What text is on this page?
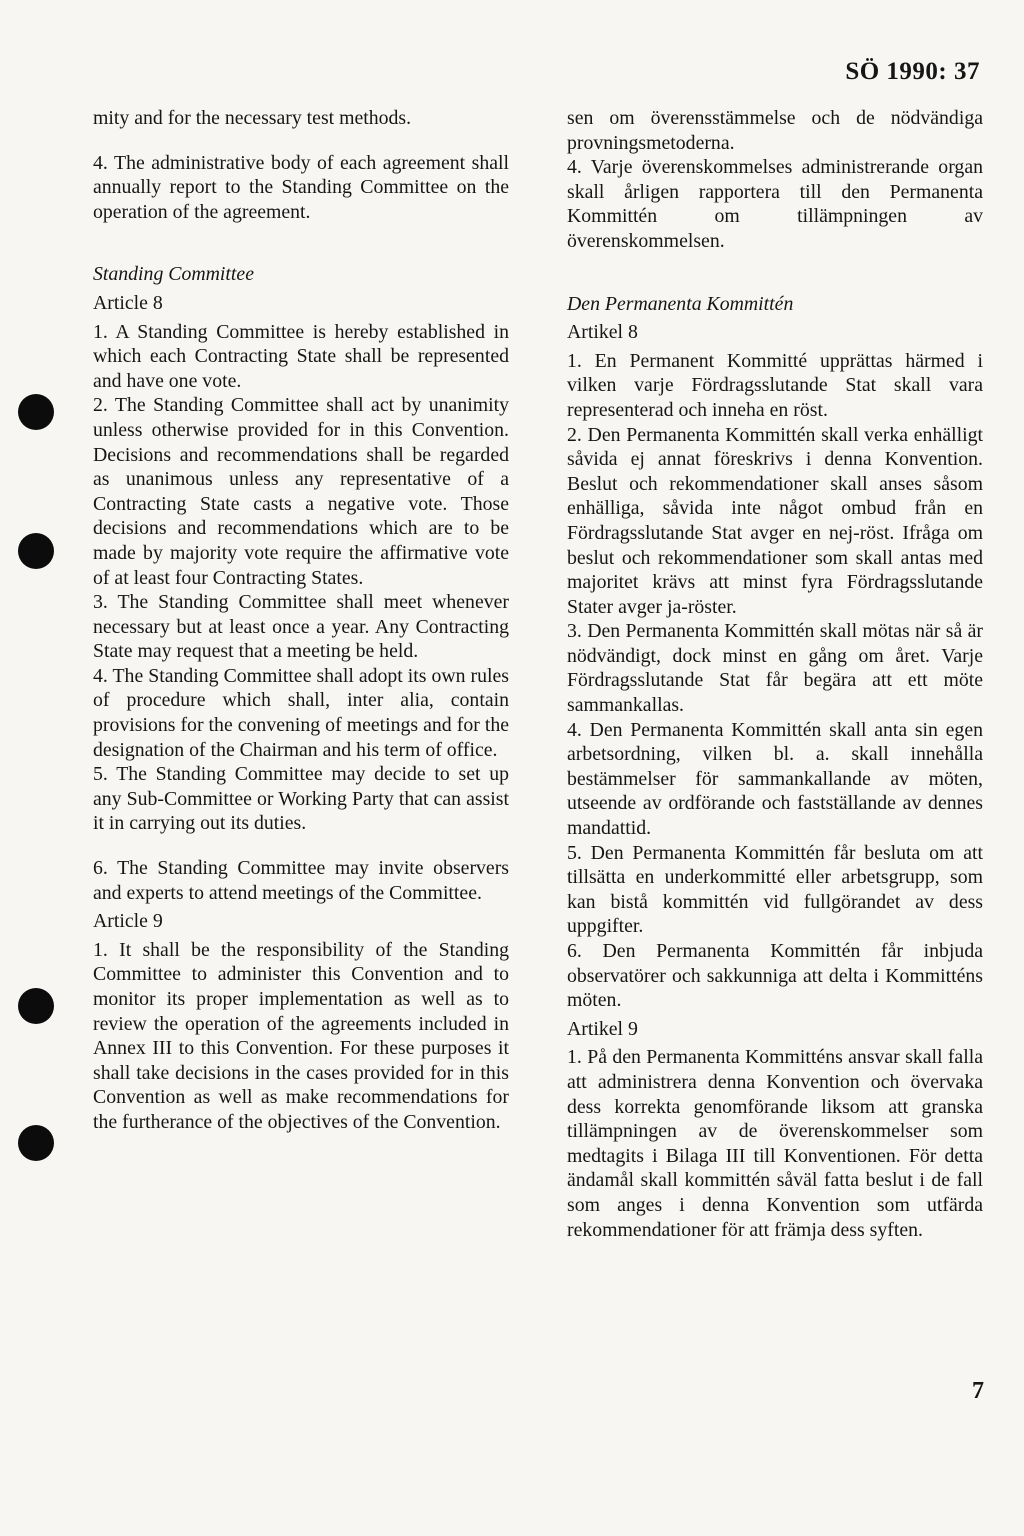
SÖ 1990: 37

mity and for the necessary test methods.

4. The administrative body of each agreement shall annually report to the Standing Committee on the operation of the agreement.

Standing Committee

Article 8

1. A Standing Committee is hereby established in which each Contracting State shall be represented and have one vote.

2. The Standing Committee shall act by unanimity unless otherwise provided for in this Convention. Decisions and recommendations shall be regarded as unanimous unless any representative of a Contracting State casts a negative vote. Those decisions and recommendations which are to be made by majority vote require the affirmative vote of at least four Contracting States.

3. The Standing Committee shall meet whenever necessary but at least once a year. Any Contracting State may request that a meeting be held.

4. The Standing Committee shall adopt its own rules of procedure which shall, inter alia, contain provisions for the convening of meetings and for the designation of the Chairman and his term of office.

5. The Standing Committee may decide to set up any Sub-Committee or Working Party that can assist it in carrying out its duties.

6. The Standing Committee may invite observers and experts to attend meetings of the Committee.

Article 9

1. It shall be the responsibility of the Standing Committee to administer this Convention and to monitor its proper implementation as well as to review the operation of the agreements included in Annex III to this Convention. For these purposes it shall take decisions in the cases provided for in this Convention as well as make recommendations for the furtherance of the objectives of the Convention.

sen om överensstämmelse och de nödvändiga provningsmetoderna.

4. Varje överenskommelses administrerande organ skall årligen rapportera till den Permanenta Kommittén om tillämpningen av överenskommelsen.

Den Permanenta Kommittén

Artikel 8

1. En Permanent Kommitté upprättas härmed i vilken varje Fördragsslutande Stat skall vara representerad och inneha en röst.

2. Den Permanenta Kommittén skall verka enhälligt såvida ej annat föreskrivs i denna Konvention. Beslut och rekommendationer skall anses såsom enhälliga, såvida inte något ombud från en Fördragsslutande Stat avger en nej-röst. Ifråga om beslut och rekommendationer som skall antas med majoritet krävs att minst fyra Fördragsslutande Stater avger ja-röster.

3. Den Permanenta Kommittén skall mötas när så är nödvändigt, dock minst en gång om året. Varje Fördragsslutande Stat får begära att ett möte sammankallas.

4. Den Permanenta Kommittén skall anta sin egen arbetsordning, vilken bl. a. skall innehålla bestämmelser för sammankallande av möten, utseende av ordförande och fastställande av dennes mandattid.

5. Den Permanenta Kommittén får besluta om att tillsätta en underkommitté eller arbetsgrupp, som kan bistå kommittén vid fullgörandet av dess uppgifter.

6. Den Permanenta Kommittén får inbjuda observatörer och sakkunniga att delta i Kommitténs möten.

Artikel 9

1. På den Permanenta Kommitténs ansvar skall falla att administrera denna Konvention och övervaka dess korrekta genomförande liksom att granska tillämpningen av de överenskommelser som medtagits i Bilaga III till Konventionen. För detta ändamål skall kommittén såväl fatta beslut i de fall som anges i denna Konvention som utfärda rekommendationer för att främja dess syften.

7
